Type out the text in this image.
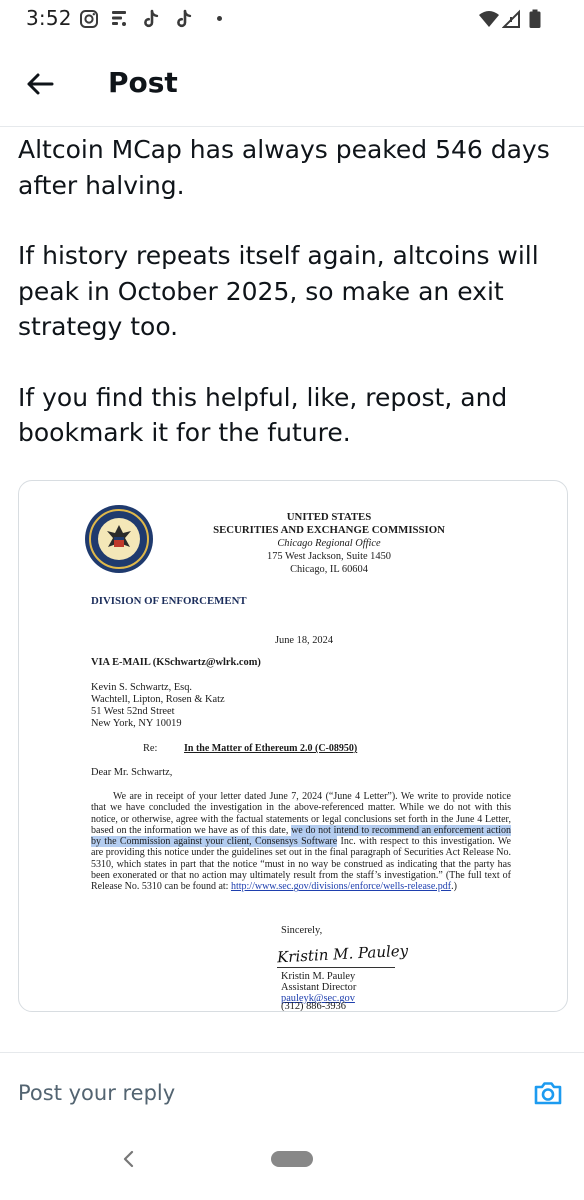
3:52
Post

Altcoin MCap has always peaked 546 days after halving.

If history repeats itself again, altcoins will peak in October 2025, so make an exit strategy too.

If you find this helpful, like, repost, and bookmark it for the future.

UNITED STATES
SECURITIES AND EXCHANGE COMMISSION
Chicago Regional Office
175 West Jackson, Suite 1450
Chicago, IL 60604
DIVISION OF ENFORCEMENT
June 18, 2024
VIA E-MAIL (KSchwartz@wlrk.com)
Kevin S. Schwartz, Esq.
Wachtell, Lipton, Rosen & Katz
51 West 52nd Street
New York, NY 10019
Re:	In the Matter of Ethereum 2.0 (C-08950)
Dear Mr. Schwartz,
We are in receipt of your letter dated June 7, 2024 (“June 4 Letter”). We write to provide notice that we have concluded the investigation in the above-referenced matter. While we do not with this notice, or otherwise, agree with the factual statements or legal conclusions set forth in the June 4 Letter, based on the information we have as of this date, we do not intend to recommend an enforcement action by the Commission against your client, Consensys Software Inc. with respect to this investigation. We are providing this notice under the guidelines set out in the final paragraph of Securities Act Release No. 5310, which states in part that the notice “must in no way be construed as indicating that the party has been exonerated or that no action may ultimately result from the staff’s investigation.” (The full text of Release No. 5310 can be found at: http://www.sec.gov/divisions/enforce/wells-release.pdf.)
Sincerely,
Kristin M. Pauley
Kristin M. Pauley
Assistant Director
pauleyk@sec.gov
(312) 886-3936
Post your reply
